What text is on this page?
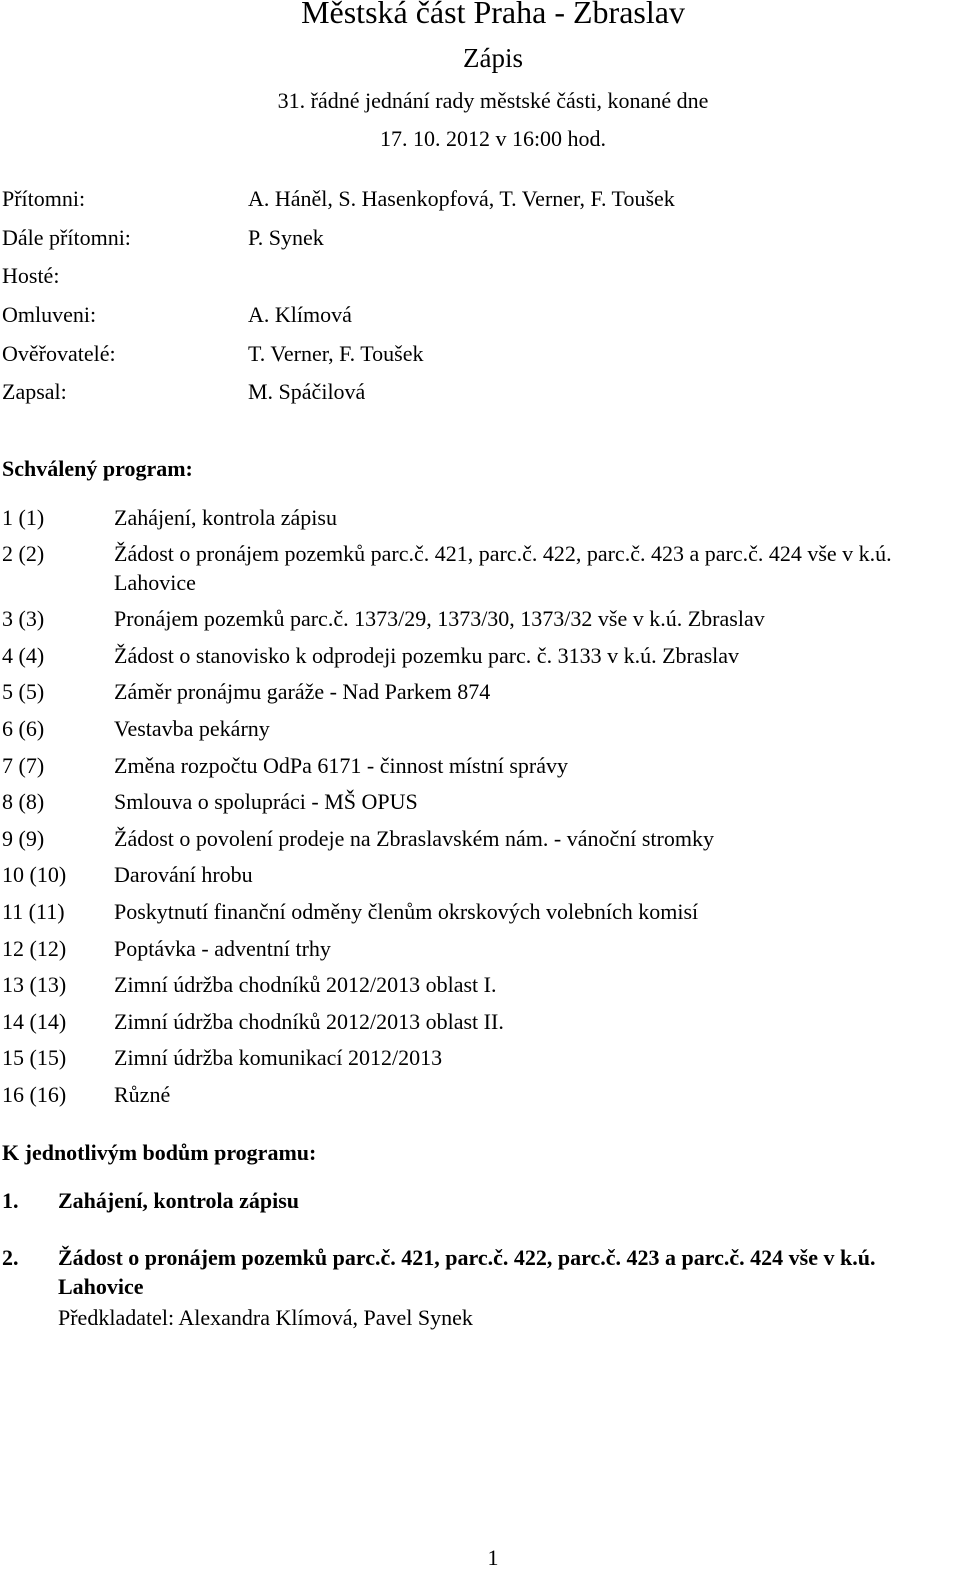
Městská část Praha - Zbraslav
Zápis
31. řádné jednání rady městské části, konané dne
17. 10. 2012 v 16:00 hod.
Přítomni:	A. Háněl, S. Hasenkopfová, T. Verner, F. Toušek
Dále přítomni:	P. Synek
Hosté:
Omluveni:	A. Klímová
Ověřovatelé:	T. Verner, F. Toušek
Zapsal:	M. Spáčilová
Schválený program:
1 (1)	Zahájení, kontrola zápisu
2 (2)	Žádost o pronájem pozemků parc.č. 421, parc.č. 422, parc.č. 423 a parc.č. 424 vše v k.ú. Lahovice
3 (3)	Pronájem pozemků parc.č. 1373/29, 1373/30, 1373/32 vše v k.ú. Zbraslav
4 (4)	Žádost o stanovisko k odprodeji pozemku parc. č. 3133 v k.ú. Zbraslav
5 (5)	Záměr pronájmu garáže - Nad Parkem 874
6 (6)	Vestavba pekárny
7 (7)	Změna rozpočtu OdPa 6171 - činnost místní správy
8 (8)	Smlouva o spolupráci - MŠ OPUS
9 (9)	Žádost o povolení prodeje na Zbraslavském nám. - vánoční stromky
10 (10) Darování hrobu
11 (11) Poskytnutí finanční odměny členům okrskových volebních komisí
12 (12) Poptávka - adventní trhy
13 (13) Zimní údržba chodníků 2012/2013 oblast I.
14 (14) Zimní údržba chodníků 2012/2013 oblast II.
15 (15) Zimní údržba komunikací 2012/2013
16 (16) Různé
K jednotlivým bodům programu:
1. Zahájení, kontrola zápisu
2. Žádost o pronájem pozemků parc.č. 421, parc.č. 422, parc.č. 423 a parc.č. 424 vše v k.ú. Lahovice
Předkladatel: Alexandra Klímová, Pavel Synek
1
